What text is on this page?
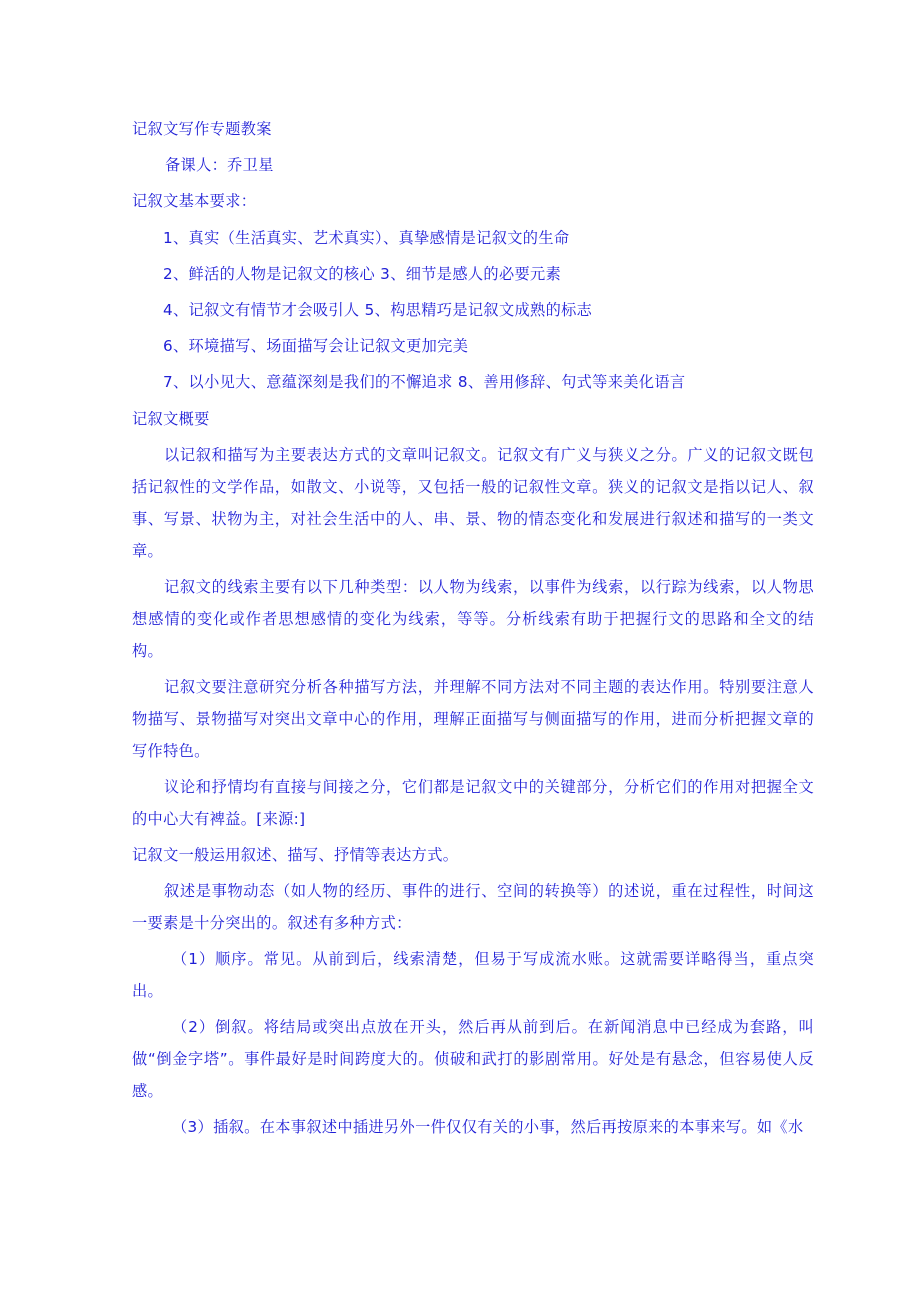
记叙文写作专题教案
备课人：乔卫星
记叙文基本要求：
1、真实（生活真实、艺术真实）、真挚感情是记叙文的生命
2、鲜活的人物是记叙文的核心 3、细节是感人的必要元素
4、记叙文有情节才会吸引人 5、构思精巧是记叙文成熟的标志
6、环境描写、场面描写会让记叙文更加完美
7、以小见大、意蕴深刻是我们的不懈追求 8、善用修辞、句式等来美化语言
记叙文概要
以记叙和描写为主要表达方式的文章叫记叙文。记叙文有广义与狭义之分。广义的记叙文既包括记叙性的文学作品，如散文、小说等，又包括一般的记叙性文章。狭义的记叙文是指以记人、叙事、写景、状物为主，对社会生活中的人、串、景、物的情态变化和发展进行叙述和描写的一类文章。
记叙文的线索主要有以下几种类型：以人物为线索，以事件为线索，以行踪为线索，以人物思想感情的变化或作者思想感情的变化为线索，等等。分析线索有助于把握行文的思路和全文的结构。
记叙文要注意研究分析各种描写方法，并理解不同方法对不同主题的表达作用。特别要注意人物描写、景物描写对突出文章中心的作用，理解正面描写与侧面描写的作用，进而分析把握文章的写作特色。
议论和抒情均有直接与间接之分，它们都是记叙文中的关键部分，分析它们的作用对把握全文的中心大有裨益。[来源:]
记叙文一般运用叙述、描写、抒情等表达方式。
叙述是事物动态（如人物的经历、事件的进行、空间的转换等）的述说，重在过程性，时间这一要素是十分突出的。叙述有多种方式：
（1）顺序。常见。从前到后，线索清楚，但易于写成流水账。这就需要详略得当，重点突出。
（2）倒叙。将结局或突出点放在开头，然后再从前到后。在新闻消息中已经成为套路，叫做“倒金字塔”。事件最好是时间跨度大的。侦破和武打的影剧常用。好处是有悬念，但容易使人反感。
（3）插叙。在本事叙述中插进另外一件仅仅有关的小事，然后再按原来的本事来写。如《水
